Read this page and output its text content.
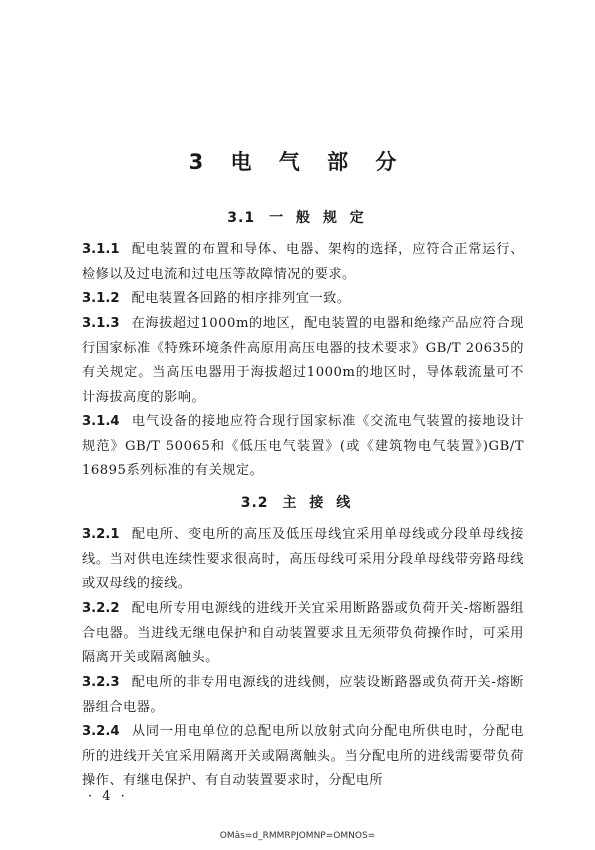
3 电 气 部 分
3.1 一 般 规 定
3.1.1 配电装置的布置和导体、电器、架构的选择，应符合正常运行、检修以及过电流和过电压等故障情况的要求。
3.1.2 配电装置各回路的相序排列宜一致。
3.1.3 在海拔超过1000m的地区，配电装置的电器和绝缘产品应符合现行国家标准《特殊环境条件高原用高压电器的技术要求》GB/T 20635的有关规定。当高压电器用于海拔超过1000m的地区时，导体载流量可不计海拔高度的影响。
3.1.4 电气设备的接地应符合现行国家标准《交流电气装置的接地设计规范》GB/T 50065和《低压电气装置》(或《建筑物电气装置》)GB/T 16895系列标准的有关规定。
3.2 主 接 线
3.2.1 配电所、变电所的高压及低压母线宜采用单母线或分段单母线接线。当对供电连续性要求很高时，高压母线可采用分段单母线带旁路母线或双母线的接线。
3.2.2 配电所专用电源线的进线开关宜采用断路器或负荷开关-熔断器组合电器。当进线无继电保护和自动装置要求且无须带负荷操作时，可采用隔离开关或隔离触头。
3.2.3 配电所的非专用电源线的进线侧，应装设断路器或负荷开关-熔断器组合电器。
3.2.4 从同一用电单位的总配电所以放射式向分配电所供电时，分配电所的进线开关宜采用隔离开关或隔离触头。当分配电所的进线需要带负荷操作、有继电保护、有自动装置要求时，分配电所
· 4 ·
OMâs=d_RMMRPJOMNP=OMNOS=
